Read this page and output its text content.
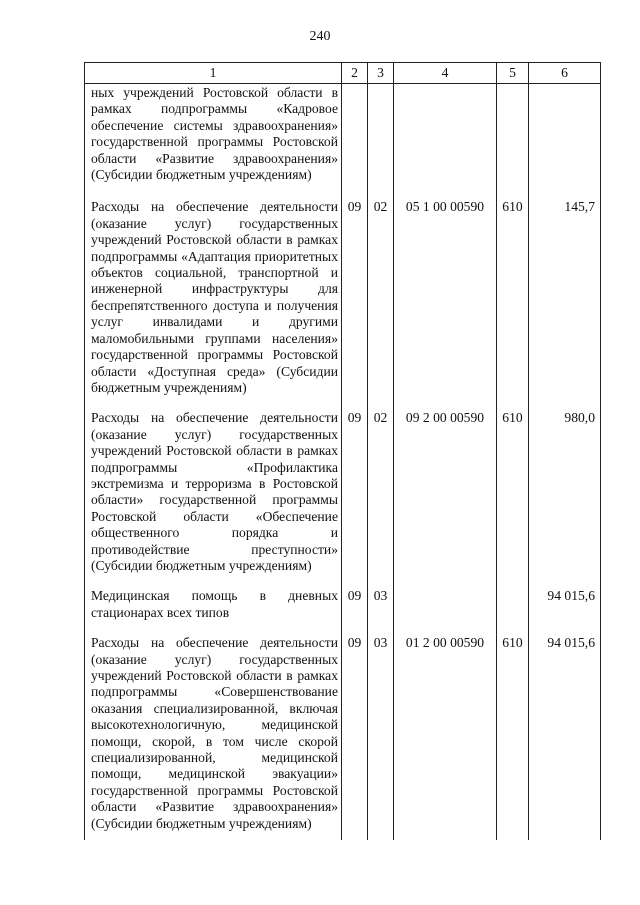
240
1	2	3	4	5	6
ных учреждений Ростовской области в рамках подпрограммы «Кадровое обеспечение системы здравоохранения» государственной программы Ростовской области «Развитие здравоохранения» (Субсидии бюджетным учреждениям)					
Расходы на обеспечение деятельности (оказание услуг) государственных учреждений Ростовской области в рамках подпрограммы «Адаптация приоритетных объектов социальной, транспортной и инженерной инфраструктуры для беспрепятственного доступа и получения услуг инвалидами и другими маломобильными группами населения» государственной программы Ростовской области «Доступная среда» (Субсидии бюджетным учреждениям)	09	02	05 1 00 00590	610	145,7
Расходы на обеспечение деятельности (оказание услуг) государственных учреждений Ростовской области в рамках подпрограммы «Профилактика экстремизма и терроризма в Ростовской области» государственной программы Ростовской области «Обеспечение общественного порядка и противодействие преступности» (Субсидии бюджетным учреждениям)	09	02	09 2 00 00590	610	980,0
Медицинская помощь в дневных стационарах всех типов	09	03			94 015,6
Расходы на обеспечение деятельности (оказание услуг) государственных учреждений Ростовской области в рамках подпрограммы «Совершенствование оказания специализированной, включая высокотехнологичную, медицинской помощи, скорой, в том числе скорой специализированной, медицинской помощи, медицинской эвакуации» государственной программы Ростовской области «Развитие здравоохранения» (Субсидии бюджетным учреждениям)	09	03	01 2 00 00590	610	94 015,6
